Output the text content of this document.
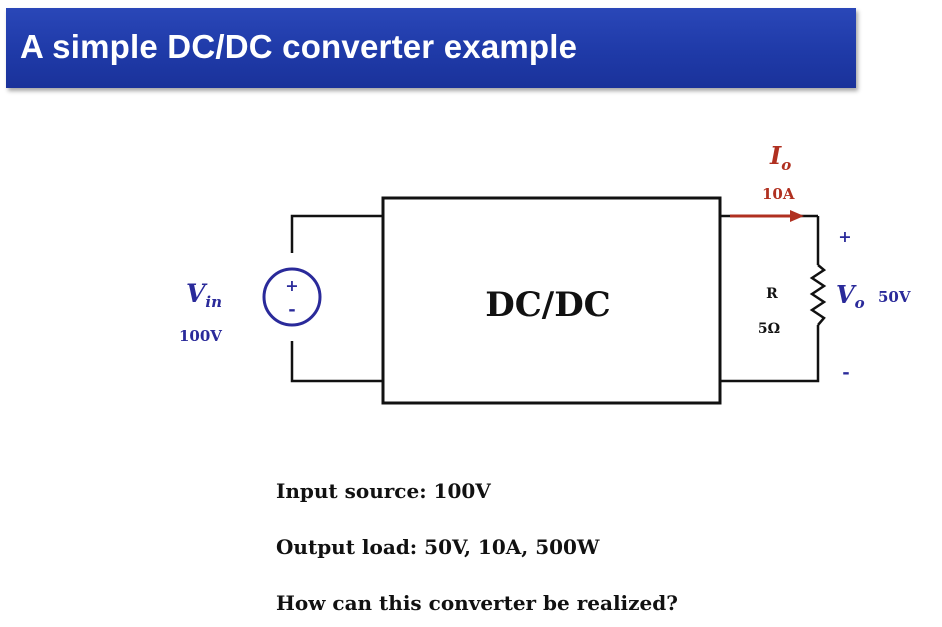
A simple DC/DC converter example
+
-	DC/DC
$V_{in}$
100V
$I_o$
10A
R
5Ω
+
$V_o$ 50V
-
Input source: 100V
Output load: 50V, 10A, 500W
How can this converter be realized?
